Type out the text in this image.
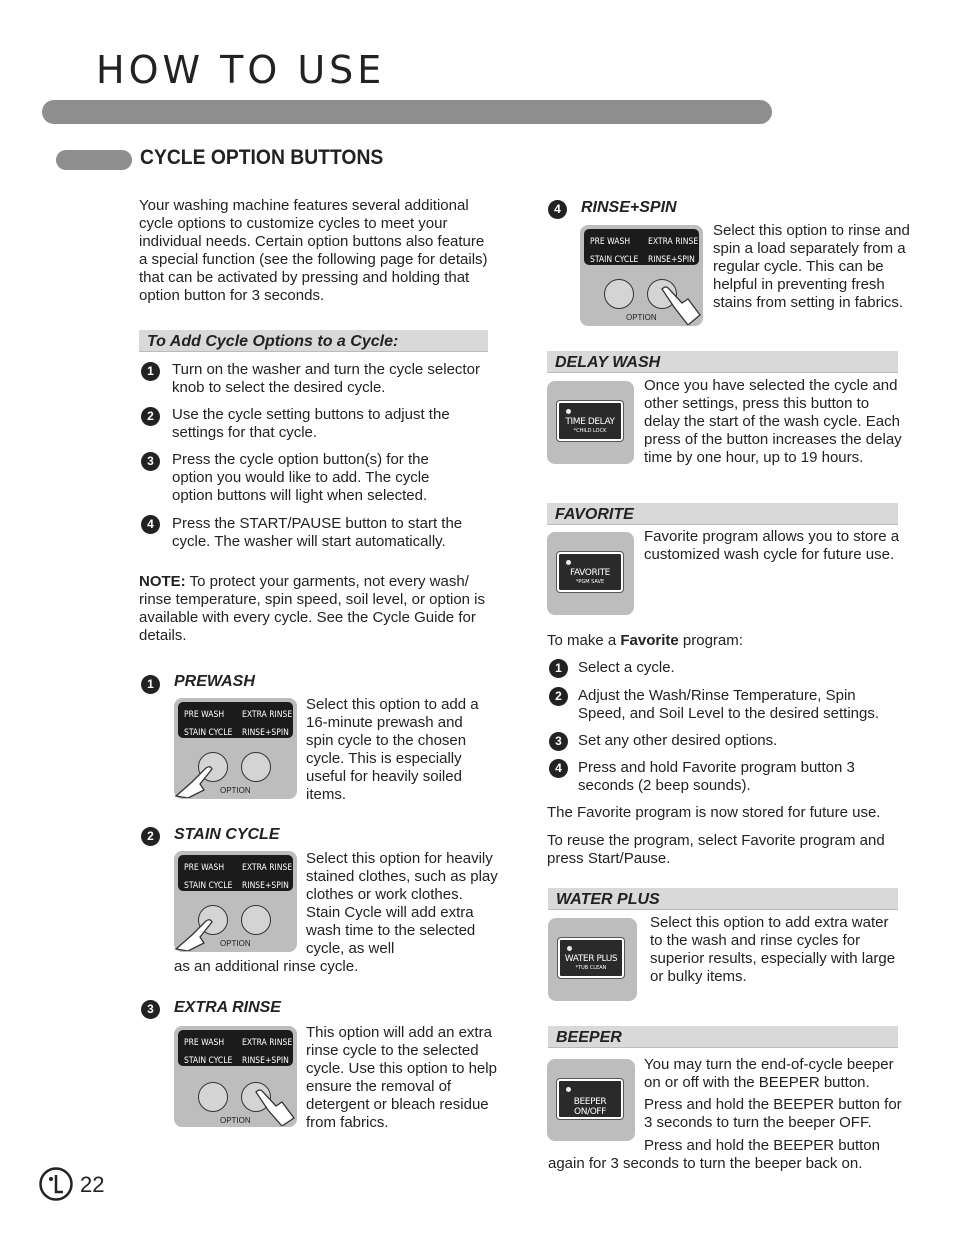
HOW TO USE
CYCLE OPTION BUTTONS
Your washing machine features several additional cycle options to customize cycles to meet your individual needs. Certain option buttons also feature a special function (see the following page for details) that can be activated by pressing and holding that option button for 3 seconds.
To Add Cycle Options to a Cycle:
1	Turn on the washer and turn the cycle selector knob to select the desired cycle.
2	Use the cycle setting buttons to adjust the settings for that cycle.
3	Press the cycle option button(s) for the option you would like to add. The cycle option buttons will light when selected.
4	Press the START/PAUSE button to start the cycle. The washer will start automatically.
NOTE: To protect your garments, not every wash/ rinse temperature, spin speed, soil level, or option is available with every cycle. See the Cycle Guide for details.
1	PREWASH
PRE WASH EXTRA RINSE
STAIN CYCLE RINSE+SPIN
OPTION
Select this option to add a 16-minute prewash and spin cycle to the chosen cycle. This is especially useful for heavily soiled items.
2	STAIN CYCLE
PRE WASH EXTRA RINSE
STAIN CYCLE RINSE+SPIN
OPTION
Select this option for heavily stained clothes, such as play clothes or work clothes. Stain Cycle will add extra wash time to the selected cycle, as well
as an additional rinse cycle.
3	EXTRA RINSE
PRE WASH EXTRA RINSE
STAIN CYCLE RINSE+SPIN
OPTION
This option will add an extra rinse cycle to the selected cycle. Use this option to help ensure the removal of detergent or bleach residue from fabrics.
4	RINSE+SPIN
PRE WASH EXTRA RINSE
STAIN CYCLE RINSE+SPIN
OPTION
Select this option to rinse and spin a load separately from a regular cycle. This can be helpful in preventing fresh stains from setting in fabrics.
DELAY WASH
TIME DELAY
*CHILD LOCK
Once you have selected the cycle and other settings, press this button to delay the start of the wash cycle. Each press of the button increases the delay time by one hour, up to 19 hours.
FAVORITE
FAVORITE
*PGM SAVE
Favorite program allows you to store a customized wash cycle for future use.
To make a Favorite program:
1	Select a cycle.
2	Adjust the Wash/Rinse Temperature, Spin Speed, and Soil Level to the desired settings.
3	Set any other desired options.
4	Press and hold Favorite program button 3 seconds (2 beep sounds).
The Favorite program is now stored for future use.
To reuse the program, select Favorite program and press Start/Pause.
WATER PLUS
WATER PLUS
*TUB CLEAN
Select this option to add extra water to the wash and rinse cycles for superior results, especially with large or bulky items.
BEEPER
BEEPER ON/OFF
You may turn the end-of-cycle beeper on or off with the BEEPER button.
Press and hold the BEEPER button for 3 seconds to turn the beeper OFF.
Press and hold the BEEPER button
again for 3 seconds to turn the beeper back on.
22
